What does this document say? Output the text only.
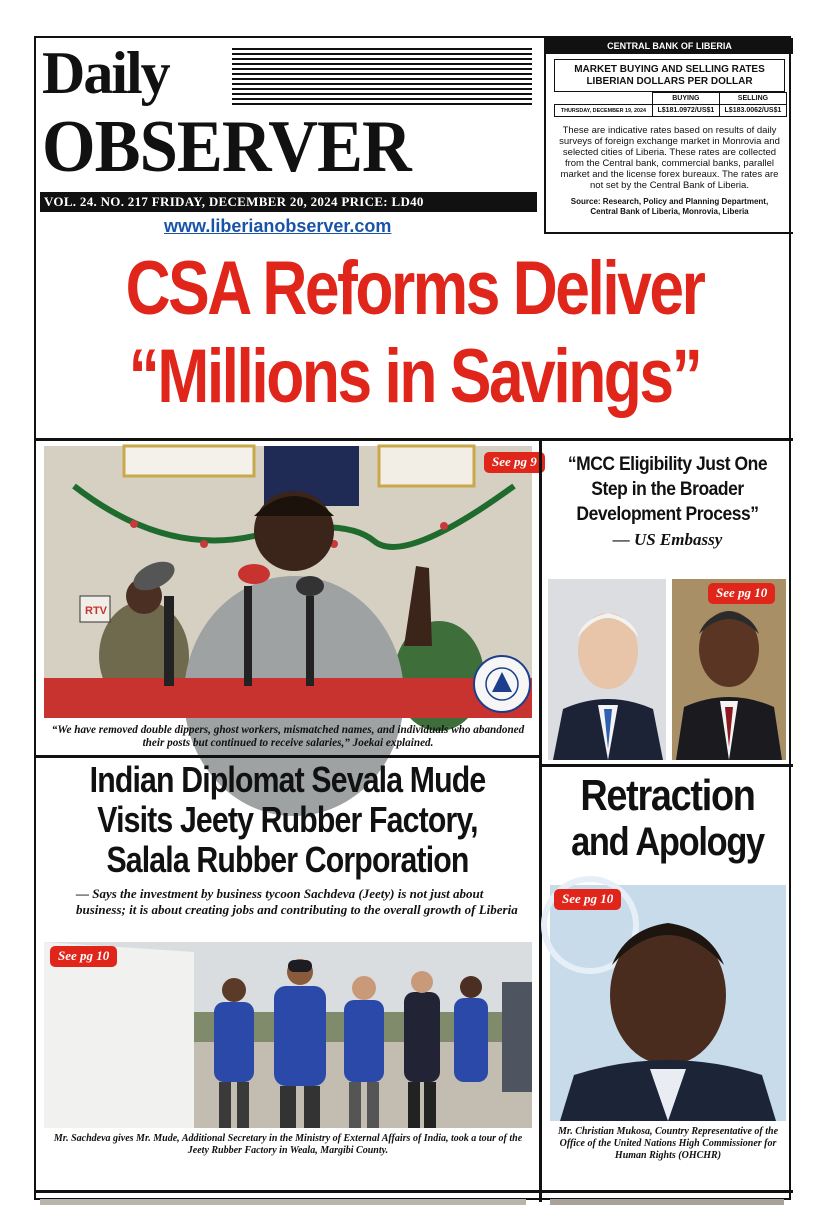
Daily
OBSERVER
VOL. 24. NO. 217 FRIDAY, DECEMBER 20, 2024 PRICE: LD40
www.liberianobserver.com
CENTRAL BANK OF LIBERIA
MARKET BUYING AND SELLING RATES
LIBERIAN DOLLARS PER DOLLAR
	BUYING	SELLING
THURSDAY, DECEMBER 19, 2024	L$181.0972/US$1	L$183.0062/US$1
These are indicative rates based on results of daily surveys of foreign exchange market in Monrovia and selected cities of Liberia. These rates are collected from the Central bank, commercial banks, parallel market and the license forex bureaux. The rates are not set by the Central Bank of Liberia.
Source: Research, Policy and Planning Department, Central Bank of Liberia, Monrovia, Liberia
CSA Reforms Deliver
“Millions in Savings”
RTV
See pg 9
“We have removed double dippers, ghost workers, mismatched names, and individuals who abandoned their posts but continued to receive salaries,” Joekai explained.
“MCC Eligibility Just One Step in the Broader Development Process”
— US Embassy
See pg 10
Indian Diplomat Sevala Mude
Visits Jeety Rubber Factory,
Salala Rubber Corporation
— Says the investment by business tycoon Sachdeva (Jeety) is not just about business; it is about creating jobs and contributing to the overall growth of Liberia
See pg 10
Mr. Sachdeva gives Mr. Mude, Additional Secretary in the Ministry of External Affairs of India, took a tour of the Jeety Rubber Factory in Weala, Margibi County.
Retraction
and Apology
See pg 10
Mr. Christian Mukosa, Country Representative of the Office of the United Nations High Commissioner for Human Rights (OHCHR)
